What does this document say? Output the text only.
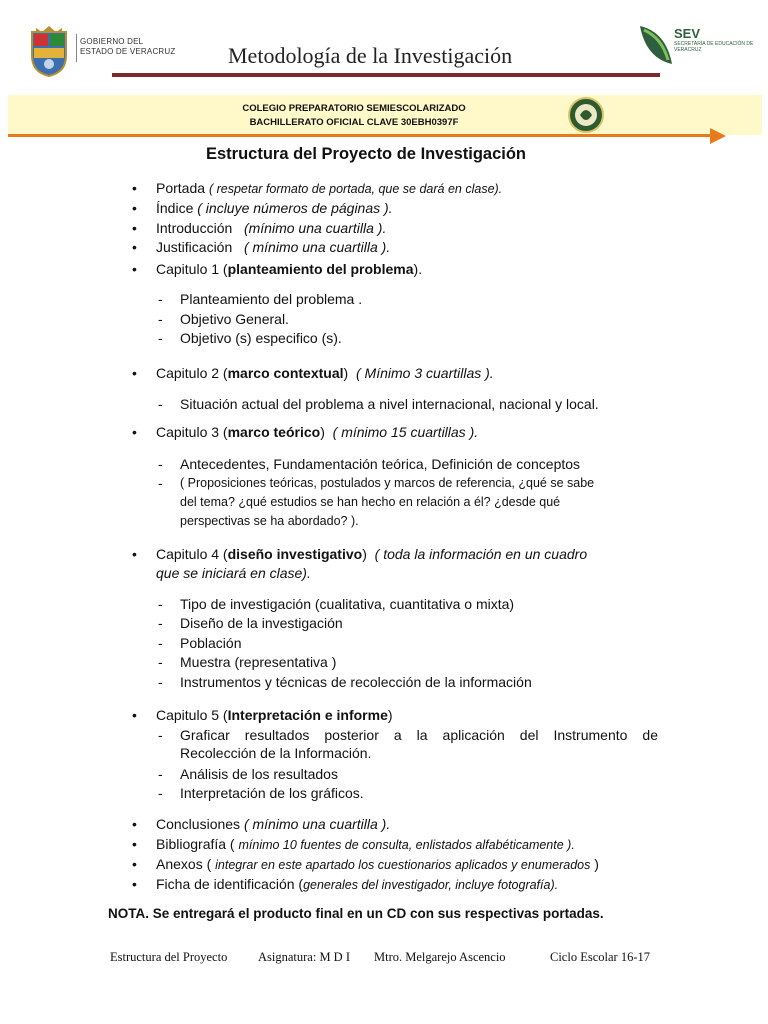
GOBIERNO DEL
ESTADO DE VERACRUZ Metodología de la Investigación
SEV
SECRETARÍA DE EDUCACIÓN DE VERACRUZ
COLEGIO PREPARATORIO SEMIESCOLARIZADO
BACHILLERATO OFICIAL CLAVE 30EBH0397F
Estructura del Proyecto de Investigación
• Portada ( respetar formato de portada, que se dará en clase).
• Índice ( incluye números de páginas ).
• Introducción (mínimo una cuartilla ).
• Justificación ( mínimo una cuartilla ).
• Capitulo 1 (planteamiento del problema).
- Planteamiento del problema .
- Objetivo General.
- Objetivo (s) especifico (s).
• Capitulo 2 (marco contextual) ( Mínimo 3 cuartillas ).
- Situación actual del problema a nivel internacional, nacional y local.
• Capitulo 3 (marco teórico) ( mínimo 15 cuartillas ).
- Antecedentes, Fundamentación teórica, Definición de conceptos
- ( Proposiciones teóricas, postulados y marcos de referencia, ¿qué se sabe
del tema? ¿qué estudios se han hecho en relación a él? ¿desde qué
perspectivas se ha abordado? ).
• Capitulo 4 (diseño investigativo) ( toda la información en un cuadro
que se iniciará en clase).
- Tipo de investigación (cualitativa, cuantitativa o mixta)
- Diseño de la investigación
- Población
- Muestra (representativa )
- Instrumentos y técnicas de recolección de la información
• Capitulo 5 (Interpretación e informe)
- Graficar resultados posterior a la aplicación del Instrumento de
Recolección de la Información.
- Análisis de los resultados
- Interpretación de los gráficos.
• Conclusiones ( mínimo una cuartilla ).
• Bibliografía ( mínimo 10 fuentes de consulta, enlistados alfabéticamente ).
• Anexos ( integrar en este apartado los cuestionarios aplicados y enumerados )
• Ficha de identificación (generales del investigador, incluye fotografía).
NOTA. Se entregará el producto final en un CD con sus respectivas portadas.
Estructura del Proyecto Asignatura: M D I Mtro. Melgarejo Ascencio	Ciclo Escolar 16-17
